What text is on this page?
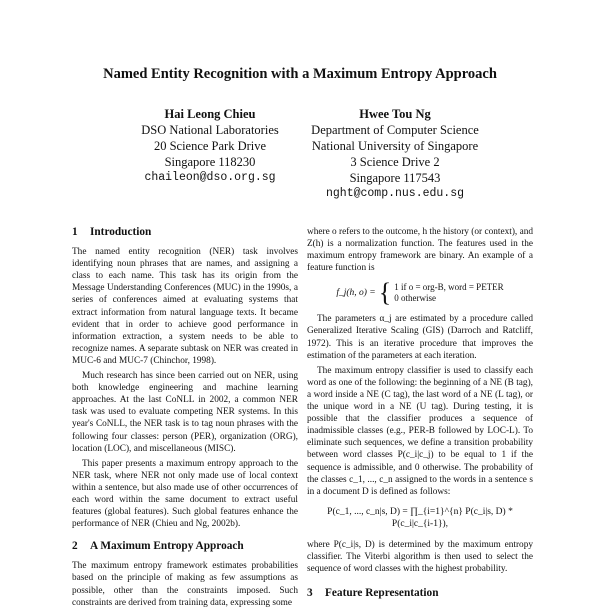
Named Entity Recognition with a Maximum Entropy Approach
Hai Leong Chieu
DSO National Laboratories
20 Science Park Drive
Singapore 118230
chaileon@dso.org.sg
Hwee Tou Ng
Department of Computer Science
National University of Singapore
3 Science Drive 2
Singapore 117543
nght@comp.nus.edu.sg
1 Introduction

The named entity recognition (NER) task involves identifying noun phrases that are names, and assigning a class to each name. This task has its origin from the Message Understanding Conferences (MUC) in the 1990s, a series of conferences aimed at evaluating systems that extract information from natural language texts. It became evident that in order to achieve good performance in information extraction, a system needs to be able to recognize names. A separate subtask on NER was created in MUC-6 and MUC-7 (Chinchor, 1998).

Much research has since been carried out on NER, using both knowledge engineering and machine learning approaches. At the last CoNLL in 2002, a common NER task was used to evaluate competing NER systems. In this year's CoNLL, the NER task is to tag noun phrases with the following four classes: person (PER), organization (ORG), location (LOC), and miscellaneous (MISC).

This paper presents a maximum entropy approach to the NER task, where NER not only made use of local context within a sentence, but also made use of other occurrences of each word within the same document to extract useful features (global features). Such global features enhance the performance of NER (Chieu and Ng, 2002b).

2 A Maximum Entropy Approach

The maximum entropy framework estimates probabilities based on the principle of making as few assumptions as possible, other than the constraints imposed. Such constraints are derived from training data, expressing some

where o refers to the outcome, h the history (or context), and Z(h) is a normalization function. The features used in the maximum entropy framework are binary. An example of a feature function is

f_j(h, o) = { 1 if o = org-B, word = PETER
0 otherwise

The parameters α_j are estimated by a procedure called Generalized Iterative Scaling (GIS) (Darroch and Ratcliff, 1972). This is an iterative procedure that improves the estimation of the parameters at each iteration.

The maximum entropy classifier is used to classify each word as one of the following: the beginning of a NE (B tag), a word inside a NE (C tag), the last word of a NE (L tag), or the unique word in a NE (U tag). During testing, it is possible that the classifier produces a sequence of inadmissible classes (e.g., PER-B followed by LOC-L). To eliminate such sequences, we define a transition probability between word classes P(c_i|c_j) to be equal to 1 if the sequence is admissible, and 0 otherwise. The probability of the classes c_1, ..., c_n assigned to the words in a sentence s in a document D is defined as follows:

P(c_1, ..., c_n|s, D) = ∏_{i=1}^{n} P(c_i|s, D) * P(c_i|c_{i-1}),

where P(c_i|s, D) is determined by the maximum entropy classifier. The Viterbi algorithm is then used to select the sequence of word classes with the highest probability.

3 Feature Representation
